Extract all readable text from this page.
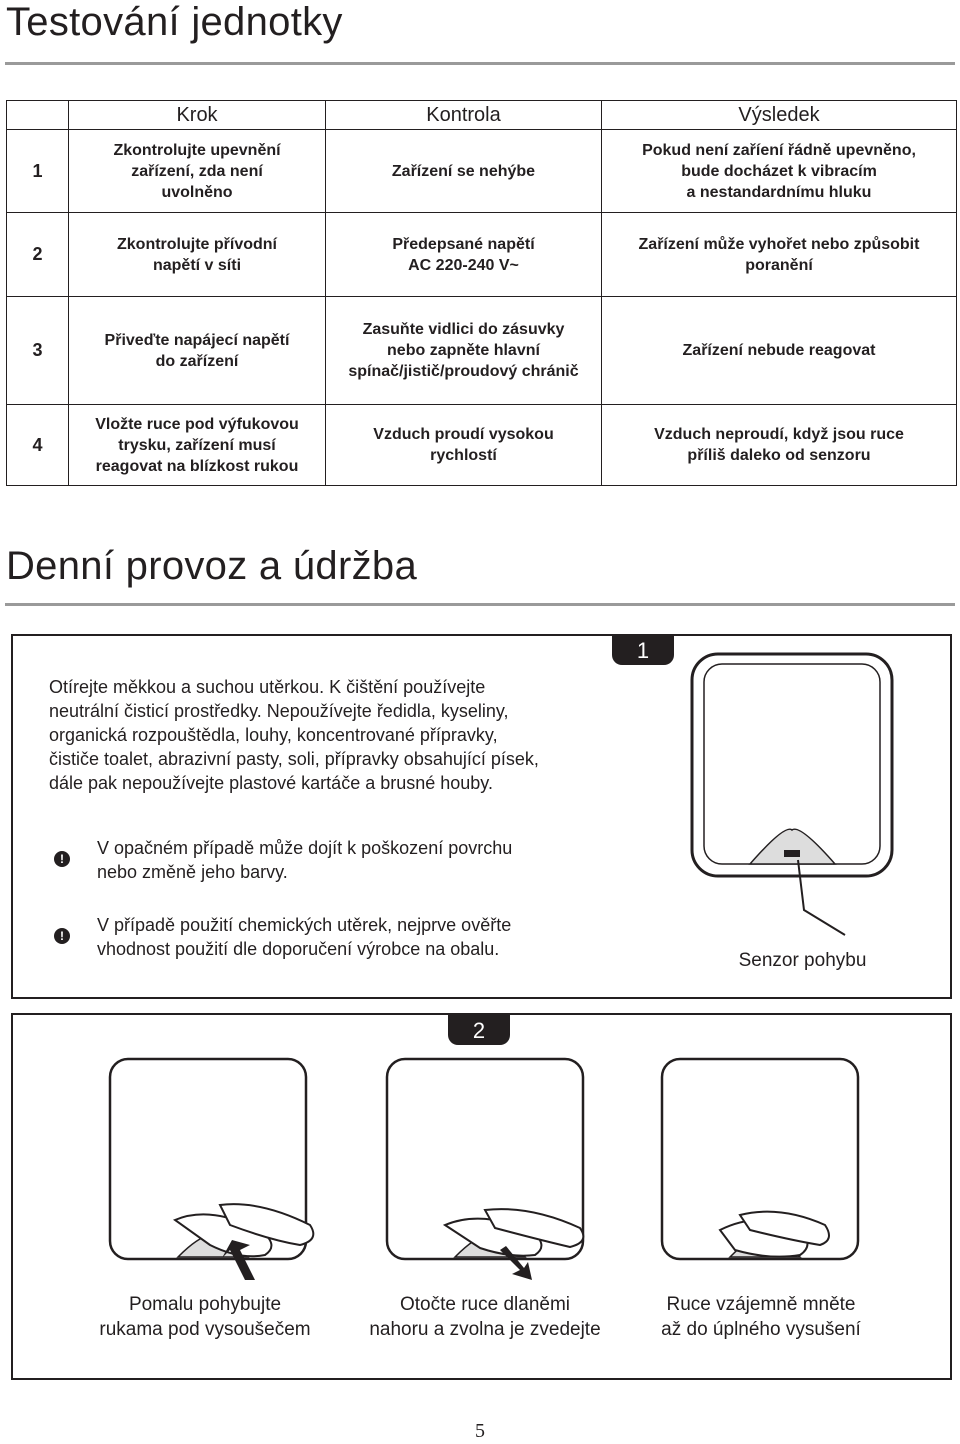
Testování jednotky
	Krok	Kontrola	Výsledek
1	Zkontrolujte upevnění
zařízení, zda není
uvolněno	Zařízení se nehýbe	Pokud není zaříení řádně upevněno,
bude docházet k vibracím
a nestandardnímu hluku
2	Zkontrolujte přívodní
napětí v síti	Předepsané napětí
AC 220-240 V~	Zařízení může vyhořet nebo způsobit
poranění
3	Přiveďte napájecí napětí
do zařízení	Zasuňte vidlici do zásuvky
nebo zapněte hlavní
spínač/jistič/proudový chránič	Zařízení nebude reagovat
4	Vložte ruce pod výfukovou
trysku, zařízení musí
reagovat na blízkost rukou	Vzduch proudí vysokou
rychlostí	Vzduch neproudí, když jsou ruce
příliš daleko od senzoru
Denní provoz a údržba
Otírejte měkkou a suchou utěrkou. K čištění používejte
neutrální čisticí prostředky. Nepoužívejte ředidla, kyseliny,
organická rozpouštědla, louhy, koncentrované přípravky,
čističe toalet, abrazivní pasty, soli, přípravky obsahující písek,
dále pak nepoužívejte plastové kartáče a brusné houby.
!
V opačném případě může dojít k poškození povrchu
nebo změně jeho barvy.
!
V případě použití chemických utěrek, nejprve ověřte
vhodnost použití dle doporučení výrobce na obalu.
1
Senzor pohybu
2
Pomalu pohybujte
rukama pod vysoušečem
Otočte ruce dlaněmi
nahoru a zvolna je zvedejte
Ruce vzájemně mněte
až do úplného vysušení
5
